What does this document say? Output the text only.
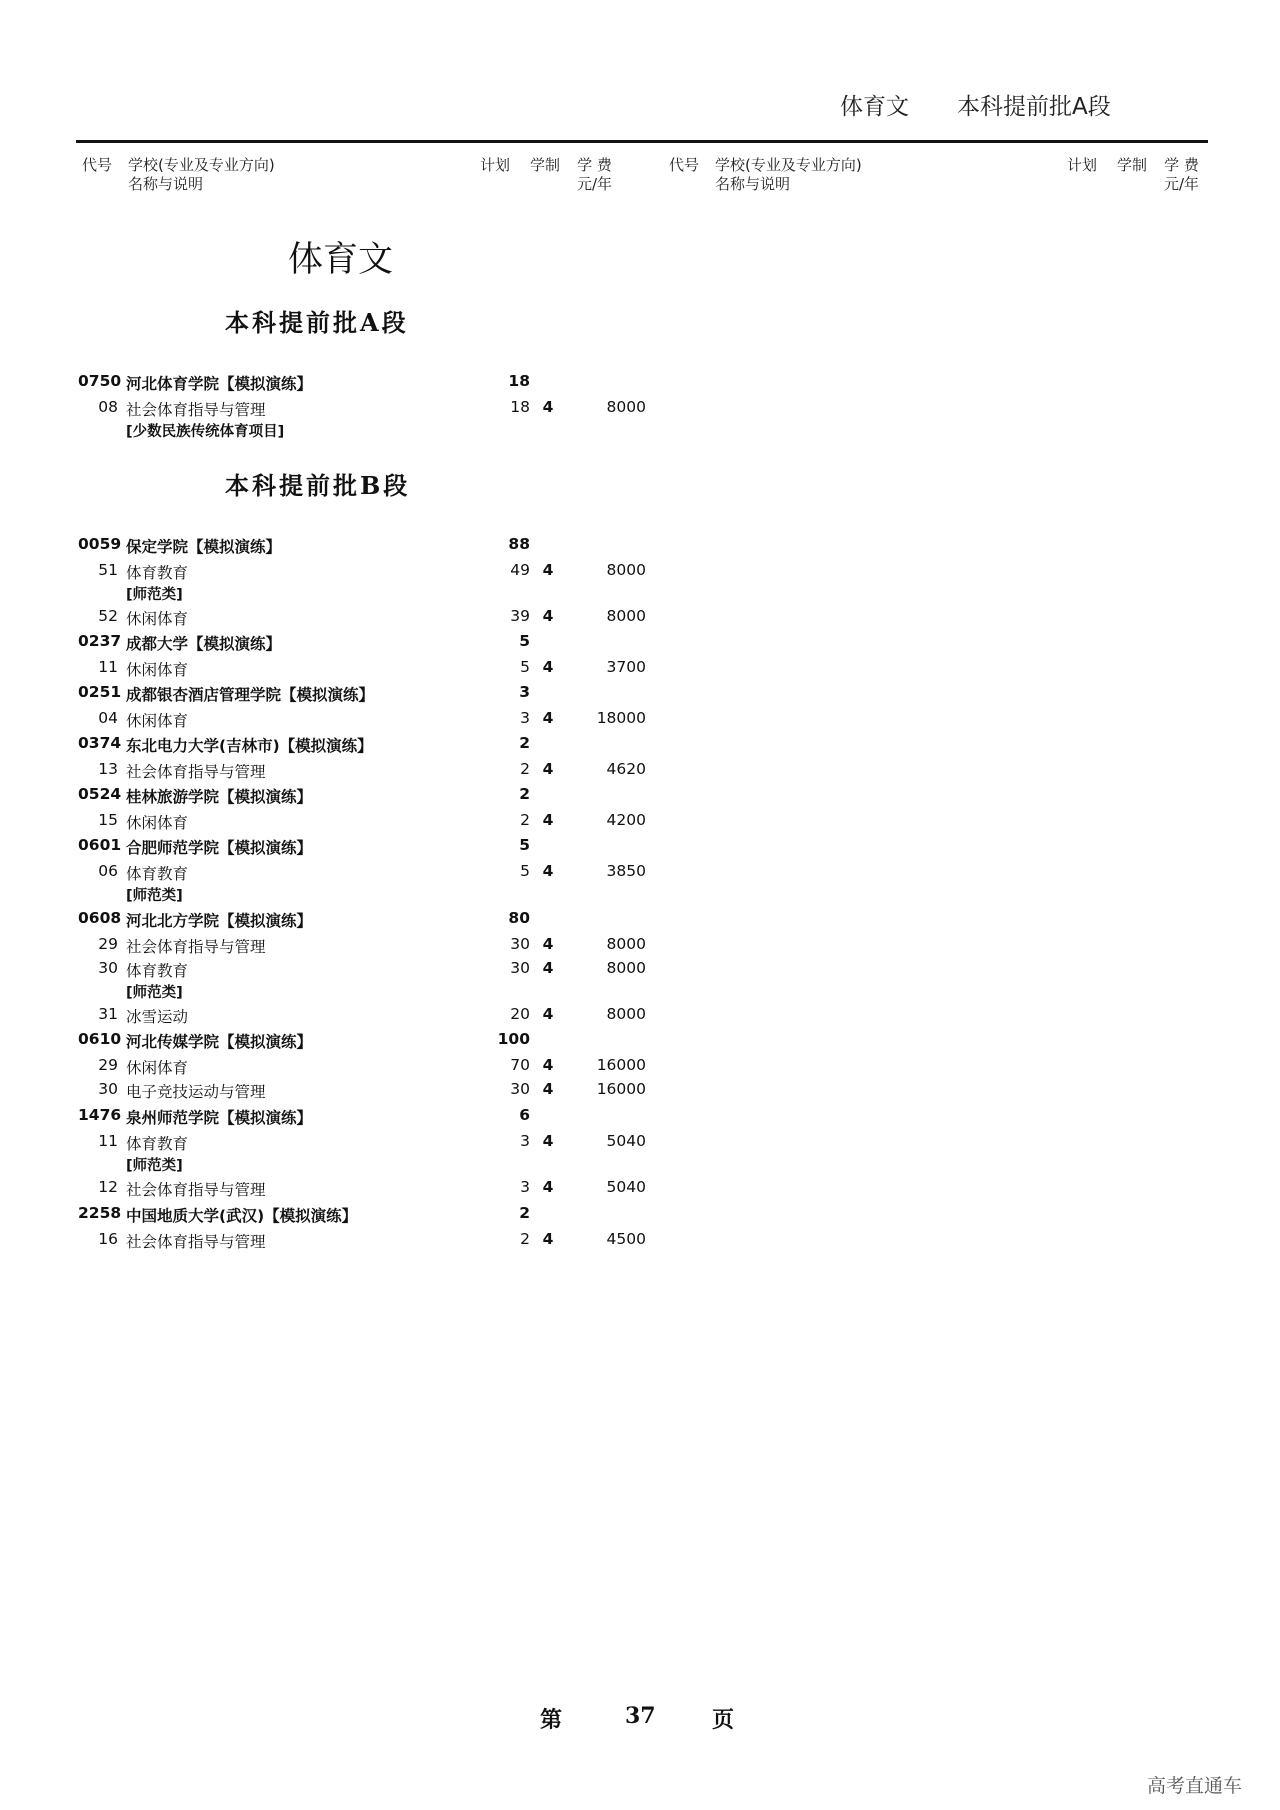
体育文 本科提前批A段
代号 学校(专业及专业方向)
名称与说明
计划 学制 学 费
元/年
代号 学校(专业及专业方向)
名称与说明
计划 学制 学 费
元/年
体育文
本科提前批A段
本科提前批B段
0750 河北体育学院【模拟演练】	18
08 社会体育指导与管理	18 4	8000
[少数民族传统体育项目]
0059 保定学院【模拟演练】	88
51 体育教育	49 4	8000
[师范类]
52 休闲体育	39 4	8000
0237 成都大学【模拟演练】	5
11 休闲体育	5 4	3700
0251 成都银杏酒店管理学院【模拟演练】	3
04 休闲体育	3 4	18000
0374 东北电力大学(吉林市)【模拟演练】	2
13 社会体育指导与管理	2 4	4620
0524 桂林旅游学院【模拟演练】	2
15 休闲体育	2 4	4200
0601 合肥师范学院【模拟演练】	5
06 体育教育	5 4	3850
[师范类]
0608 河北北方学院【模拟演练】	80
29 社会体育指导与管理	30 4	8000
30 体育教育	30 4	8000
[师范类]
31 冰雪运动	20 4	8000
0610 河北传媒学院【模拟演练】	100
29 休闲体育	70 4	16000
30 电子竞技运动与管理	30 4	16000
1476 泉州师范学院【模拟演练】	6
11 体育教育	3 4	5040
[师范类]
12 社会体育指导与管理	3 4	5040
2258 中国地质大学(武汉)【模拟演练】	2
16 社会体育指导与管理	2 4	4500
第	37	页
高考直通车
